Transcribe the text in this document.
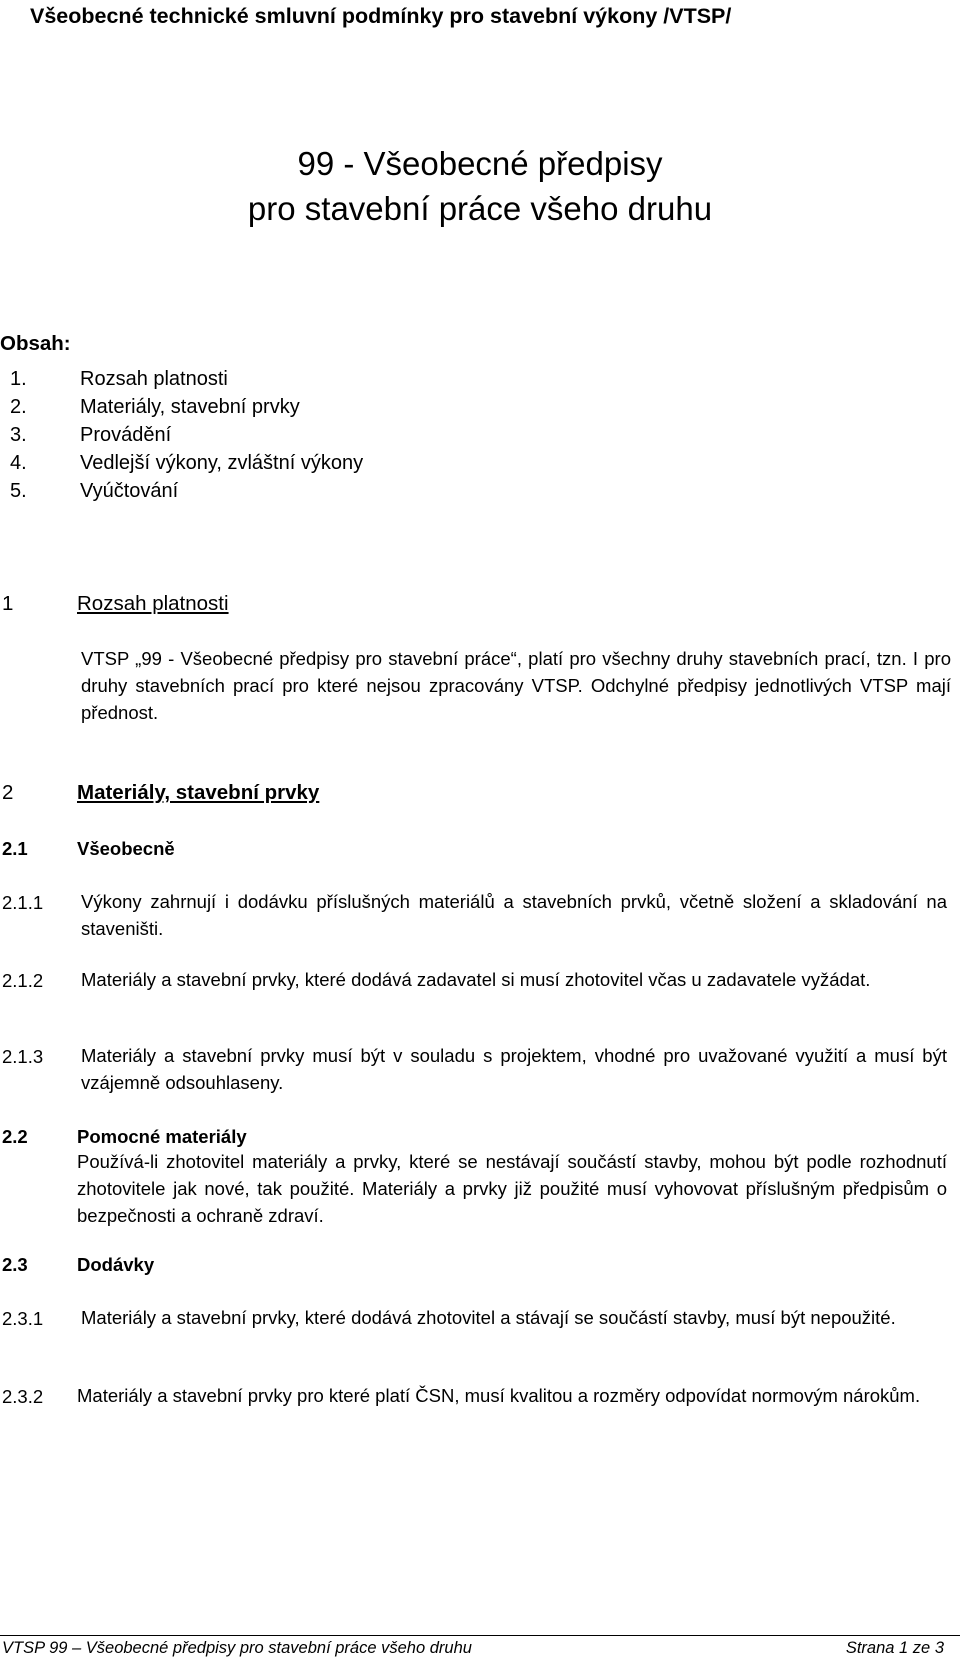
Všeobecné technické smluvní podmínky pro stavební výkony /VTSP/
99 - Všeobecné předpisy
pro stavební práce všeho druhu
Obsah:
1.	Rozsah platnosti
2.	Materiály, stavební prvky
3.	Provádění
4.	Vedlejší výkony, zvláštní výkony
5.	Vyúčtování
1	Rozsah platnosti
VTSP „99 - Všeobecné předpisy pro stavební práce“, platí pro všechny druhy stavebních prací, tzn. I pro druhy stavebních prací pro které nejsou zpracovány VTSP. Odchylné předpisy jednotlivých VTSP mají přednost.
2	Materiály, stavební prvky
2.1	Všeobecně
2.1.1 Výkony zahrnují i dodávku příslušných materiálů a stavebních prvků, včetně složení a skladování na staveništi.
2.1.2 Materiály a stavební prvky, které dodává zadavatel si musí zhotovitel včas u zadavatele vyžádat.
2.1.3 Materiály a stavební prvky musí být v souladu s projektem, vhodné pro uvažované využití a musí být vzájemně odsouhlaseny.
2.2	Pomocné materiály
Používá-li zhotovitel materiály a prvky, které se nestávají součástí stavby, mohou být podle rozhodnutí zhotovitele jak nové, tak použité. Materiály a prvky již použité musí vyhovovat příslušným předpisům o bezpečnosti a ochraně zdraví.
2.3	Dodávky
2.3.1 Materiály a stavební prvky, které dodává zhotovitel a stávají se součástí stavby, musí být nepoužité.
2.3.2 Materiály a stavební prvky pro které platí ČSN, musí kvalitou a rozměry odpovídat normovým nárokům.
VTSP 99 – Všeobecné předpisy pro stavební práce všeho druhu	Strana 1 ze 3
